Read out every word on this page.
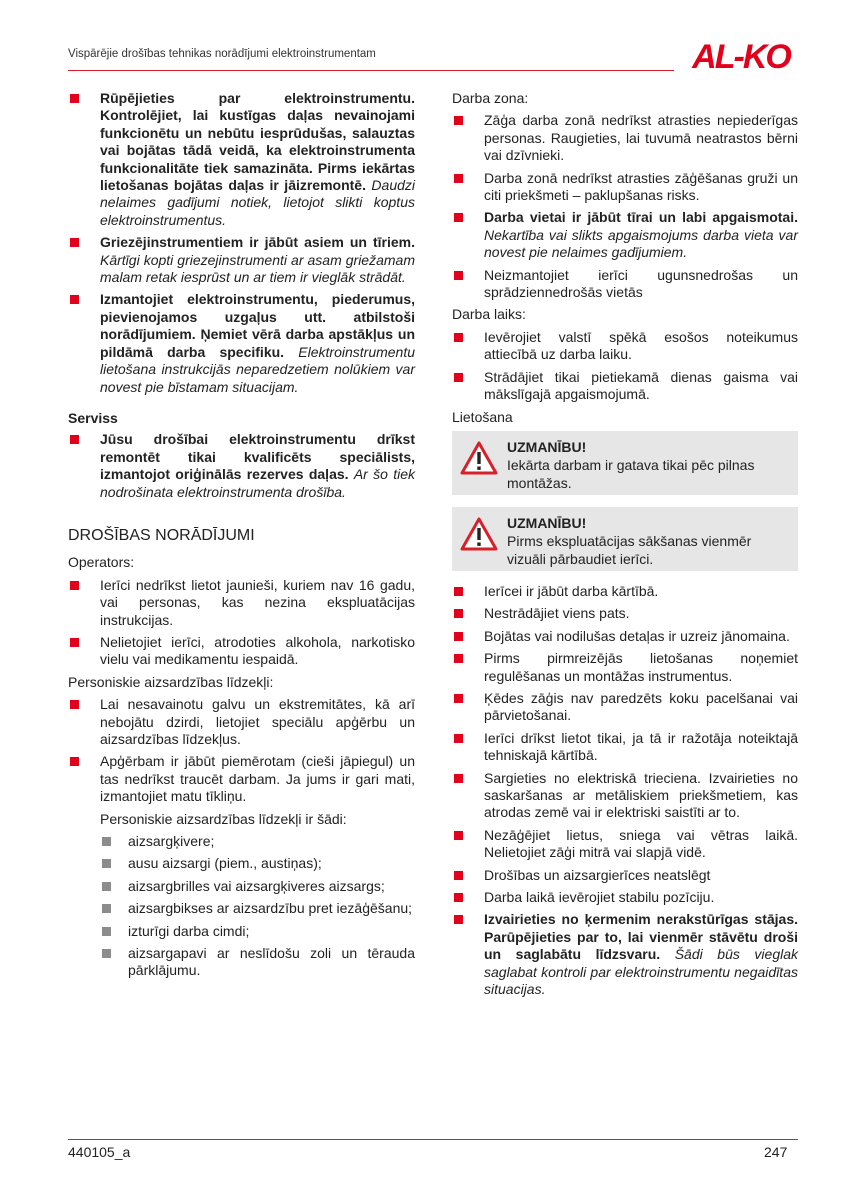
Vispārējie drošības tehnikas norādījumi elektroinstrumentam	AL-KO
Rūpējieties par elektroinstrumentu. Kontrolējiet, lai kustīgas daļas nevainojami funkcionētu un nebūtu iesprūdušas, salauztas vai bojātas tādā veidā, ka elektroinstrumenta funkcionalitāte tiek samazināta. Pirms iekārtas lietošanas bojātas daļas ir jāizremontē. Daudzi nelaimes gadījumi notiek, lietojot slikti koptus elektroinstrumentus.
Griezējinstrumentiem ir jābūt asiem un tīriem. Kārtīgi kopti griezejinstrumenti ar asam griežamam malam retak iesprūst un ar tiem ir vieglāk strādāt.
Izmantojiet elektroinstrumentu, piederumus, pievienojamos uzgaļus utt. atbilstoši norādījumiem. Ņemiet vērā darba apstākļus un pildāmā darba specifiku. Elektroinstrumentu lietošana instrukcijās neparedzetiem nolūkiem var novest pie bīstamam situacijam.
Serviss
Jūsu drošībai elektroinstrumentu drīkst remontēt tikai kvalificēts speciālists, izmantojot oriģinālās rezerves daļas. Ar šo tiek nodrošinata elektroinstrumenta drošība.
DROŠĪBAS NORĀDĪJUMI
Operators:
Ierīci nedrīkst lietot jaunieši, kuriem nav 16 gadu, vai personas, kas nezina ekspluatācijas instrukcijas.
Nelietojiet ierīci, atrodoties alkohola, narkotisko vielu vai medikamentu iespaidā.
Personiskie aizsardzības līdzekļi:
Lai nesavainotu galvu un ekstremitātes, kā arī nebojātu dzirdi, lietojiet speciālu apģērbu un aizsardzības līdzekļus.
Apģērbam ir jābūt piemērotam (cieši jāpiegul) un tas nedrīkst traucēt darbam. Ja jums ir gari mati, izmantojiet matu tīkliņu.
Personiskie aizsardzības līdzekļi ir šādi:
aizsargķivere;
ausu aizsargi (piem., austiņas);
aizsargbrilles vai aizsargķiveres aizsargs;
aizsargbikses ar aizsardzību pret iezāģēšanu;
izturīgi darba cimdi;
aizsargapavi ar neslīdošu zoli un tērauda pārklājumu.
Darba zona:
Zāģa darba zonā nedrīkst atrasties nepiederīgas personas. Raugieties, lai tuvumā neatrastos bērni vai dzīvnieki.
Darba zonā nedrīkst atrasties zāģēšanas gruži un citi priekšmeti – paklupšanas risks.
Darba vietai ir jābūt tīrai un labi apgaismotai. Nekartība vai slikts apgaismojums darba vieta var novest pie nelaimes gadījumiem.
Neizmantojiet ierīci ugunsnedrošas un sprādziennedrošās vietās
Darba laiks:
Ievērojiet valstī spēkā esošos noteikumus attiecībā uz darba laiku.
Strādājiet tikai pietiekamā dienas gaisma vai mākslīgajā apgaismojumā.
Lietošana
UZMANĪBU!
Iekārta darbam ir gatava tikai pēc pilnas montāžas.
UZMANĪBU!
Pirms ekspluatācijas sākšanas vienmēr vizuāli pārbaudiet ierīci.
Ierīcei ir jābūt darba kārtībā.
Nestrādājiet viens pats.
Bojātas vai nodilušas detaļas ir uzreiz jānomaina.
Pirms pirmreizējās lietošanas noņemiet regulēšanas un montāžas instrumentus.
Ķēdes zāģis nav paredzēts koku pacelšanai vai pārvietošanai.
Ierīci drīkst lietot tikai, ja tā ir ražotāja noteiktajā tehniskajā kārtībā.
Sargieties no elektriskā trieciena. Izvairieties no saskaršanas ar metāliskiem priekšmetiem, kas atrodas zemē vai ir elektriski saistīti ar to.
Nezāģējiet lietus, sniega vai vētras laikā. Nelietojiet zāģi mitrā vai slapjā vidē.
Drošības un aizsargierīces neatslēgt
Darba laikā ievērojiet stabilu pozīciju.
Izvairieties no ķermenim nerakstūrīgas stājas. Parūpējieties par to, lai vienmēr stāvētu droši un saglabātu līdzsvaru. Šādi būs vieglak saglabat kontroli par elektroinstrumentu negaidītas situacijas.
440105_a	247
